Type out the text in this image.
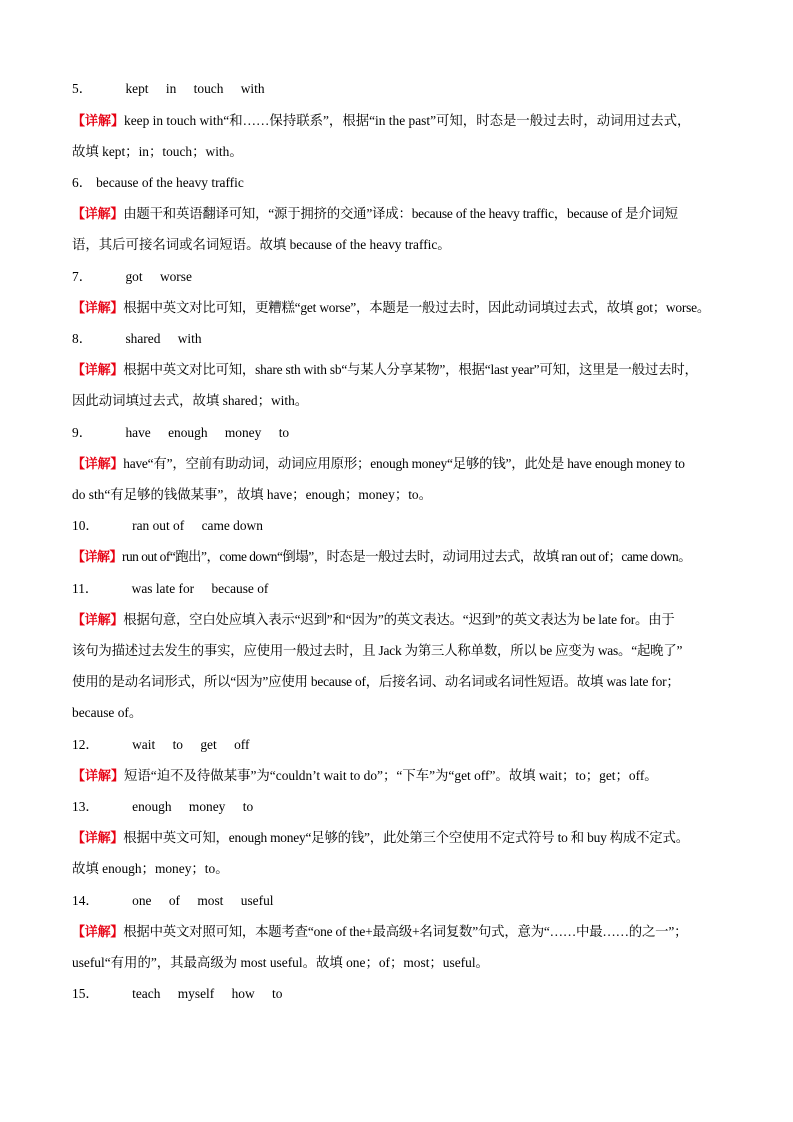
5． kept in touch with
【详解】keep in touch with“和……保持联系”，根据“in the past”可知，时态是一般过去时，动词用过去式，
故填 kept；in；touch；with。
6． because of the heavy traffic
【详解】由题干和英语翻译可知，“源于拥挤的交通”译成：because of the heavy traffic，because of 是介词短
语，其后可接名词或名词短语。故填 because of the heavy traffic。
7． got worse
【详解】根据中英文对比可知，更糟糕“get worse”，本题是一般过去时，因此动词填过去式，故填 got；worse。
8． shared with
【详解】根据中英文对比可知，share sth with sb“与某人分享某物”，根据“last year”可知，这里是一般过去时，
因此动词填过去式，故填 shared；with。
9． have enough money to
【详解】have“有”，空前有助动词，动词应用原形；enough money“足够的钱”，此处是 have enough money to
do sth“有足够的钱做某事”，故填 have；enough；money；to。
10． ran out of came down
【详解】run out of“跑出”，come down“倒塌”，时态是一般过去时，动词用过去式，故填 ran out of；came down。
11． was late for because of
【详解】根据句意，空白处应填入表示“迟到”和“因为”的英文表达。“迟到”的英文表达为 be late for。由于
该句为描述过去发生的事实，应使用一般过去时，且 Jack 为第三人称单数，所以 be 应变为 was。“起晚了”
使用的是动名词形式，所以“因为”应使用 because of，后接名词、动名词或名词性短语。故填 was late for；
because of。
12． wait to get off
【详解】短语“迫不及待做某事”为“couldn’t wait to do”；“下车”为“get off”。故填 wait；to；get；off。
13． enough money to
【详解】根据中英文可知，enough money“足够的钱”，此处第三个空使用不定式符号 to 和 buy 构成不定式。
故填 enough；money；to。
14． one of most useful
【详解】根据中英文对照可知，本题考查“one of the+最高级+名词复数”句式，意为“……中最……的之一”；
useful“有用的”，其最高级为 most useful。故填 one；of；most；useful。
15． teach myself how to
